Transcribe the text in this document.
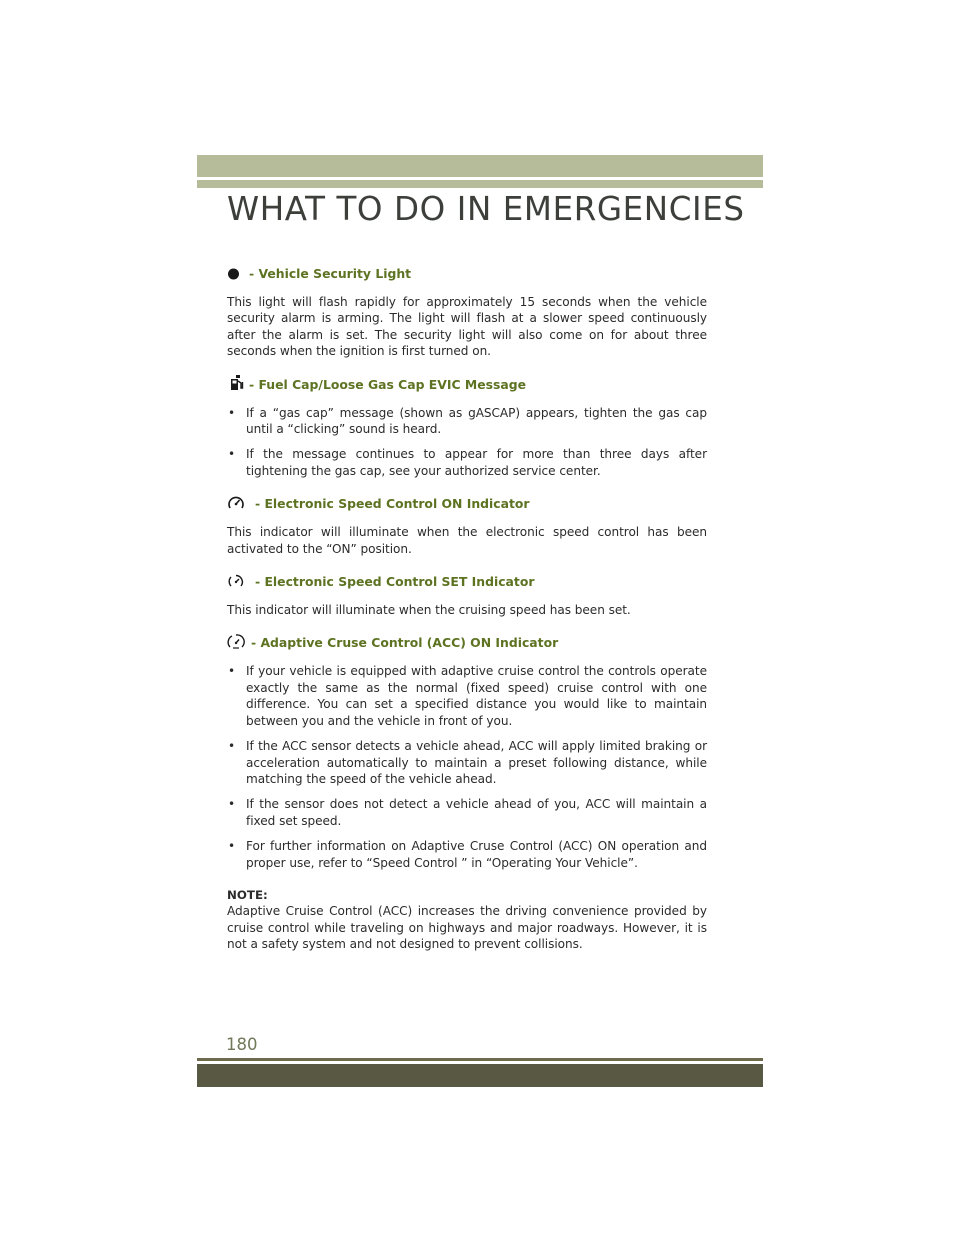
WHAT TO DO IN EMERGENCIES
- Vehicle Security Light

This light will flash rapidly for approximately 15 seconds when the vehicle security alarm is arming. The light will flash at a slower speed continuously after the alarm is set. The security light will also come on for about three seconds when the ignition is first turned on.

- Fuel Cap/Loose Gas Cap EVIC Message
• If a “gas cap” message (shown as gASCAP) appears, tighten the gas cap until a “clicking” sound is heard.
• If the message continues to appear for more than three days after tightening the gas cap, see your authorized service center.
- Electronic Speed Control ON Indicator

This indicator will illuminate when the electronic speed control has been activated to the “ON” position.

- Electronic Speed Control SET Indicator

This indicator will illuminate when the cruising speed has been set.

- Adaptive Cruse Control (ACC) ON Indicator
• If your vehicle is equipped with adaptive cruise control the controls operate exactly the same as the normal (fixed speed) cruise control with one difference. You can set a specified distance you would like to maintain between you and the vehicle in front of you.
• If the ACC sensor detects a vehicle ahead, ACC will apply limited braking or acceleration automatically to maintain a preset following distance, while matching the speed of the vehicle ahead.
• If the sensor does not detect a vehicle ahead of you, ACC will maintain a fixed set speed.
• For further information on Adaptive Cruse Control (ACC) ON operation and proper use, refer to “Speed Control ” in “Operating Your Vehicle”.

NOTE:

Adaptive Cruise Control (ACC) increases the driving convenience provided by cruise control while traveling on highways and major roadways. However, it is not a safety system and not designed to prevent collisions.

180
